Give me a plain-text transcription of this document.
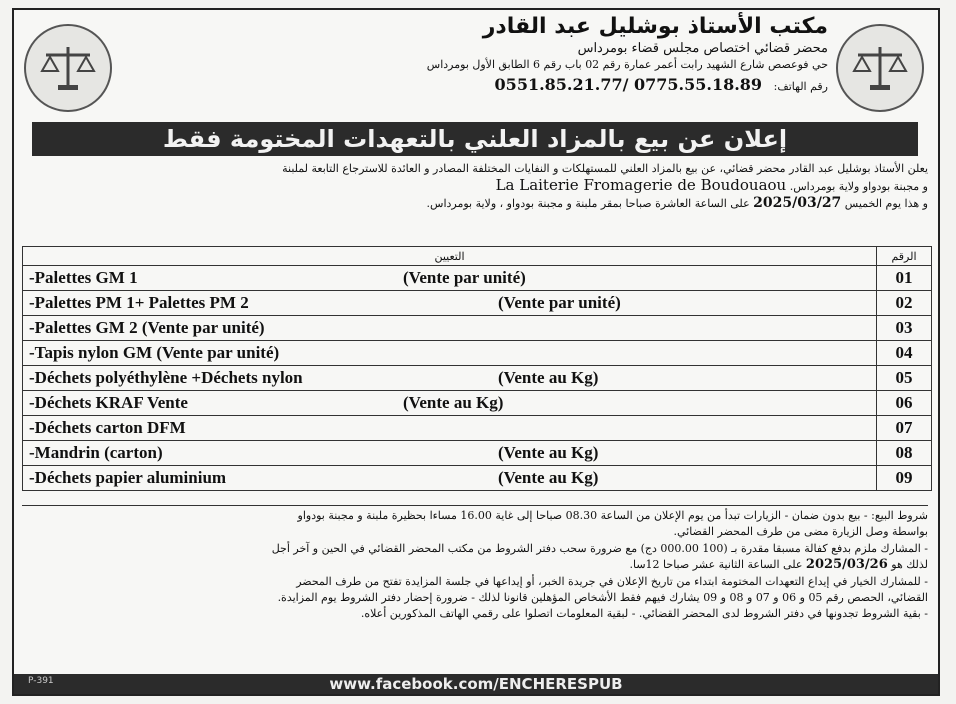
مكتب الأستاذ بوشليل عبد القادر
محضر قضائي اختصاص مجلس قضاء بومرداس
حي فوعصص شارع الشهيد رابت أعمر عمارة رقم 02 باب رقم 6 الطابق الأول بومرداس
رقم الهاتف: 0551.85.21.77/ 0775.55.18.89
إعلان عن بيع بالمزاد العلني بالتعهدات المختومة فقط
يعلن الأستاذ بوشليل عبد القادر محضر قضائي، عن بيع بالمزاد العلني للمستهلكات و النفايات المختلفة المصادر و العائدة للاسترجاع التابعة لملبنة
و مجبنة بودواو ولاية بومرداس. La Laiterie Fromagerie de Boudouaou
و هذا يوم الخميس 2025/03/27 على الساعة العاشرة صباحا بمقر ملبنة و مجبنة بودواو ، ولاية بومرداس.
التعيين	الرقم
-Palettes GM 1 (Vente par unité)	01
-Palettes PM 1+ Palettes PM 2 (Vente par unité)	02
-Palettes GM 2 (Vente par unité)	03
-Tapis nylon GM (Vente par unité)	04
-Déchets polyéthylène +Déchets nylon (Vente au Kg)	05
-Déchets KRAF Vente (Vente au Kg)	06
-Déchets carton DFM	07
-Mandrin (carton) (Vente au Kg)	08
-Déchets papier aluminium (Vente au Kg)	09

شروط البيع: - بيع بدون ضمان - الزيارات تبدأ من يوم الإعلان من الساعة 08.30 صباحا إلى غاية 16.00 مساءا بحظيرة ملبنة و مجبنة بودواو

بواسطة وصل الزيارة مضى من طرف المحضر القضائي.

- المشارك ملزم بدفع كفالة مسبقا مقدرة بـ (100 000.00 دج) مع ضرورة سحب دفتر الشروط من مكتب المحضر القضائي في الحين و آخر أجل

لذلك هو 2025/03/26 على الساعة الثانية عشر صباحا 12سا.

- للمشارك الخيار في إيداع التعهدات المختومة ابتداء من تاريخ الإعلان في جريدة الخبر، أو إيداعها في جلسة المزايدة تفتح من طرف المحضر

القضائي، الحصص رقم 05 و 06 و 07 و 08 و 09 يشارك فيهم فقط الأشخاص المؤهلين قانونا لذلك - ضرورة إحضار دفتر الشروط يوم المزايدة.

- بقية الشروط تجدونها في دفتر الشروط لدى المحضر القضائي. - لبقية المعلومات اتصلوا على رقمي الهاتف المذكورين أعلاه.

P-391	www.facebook.com/ENCHERESPUB
